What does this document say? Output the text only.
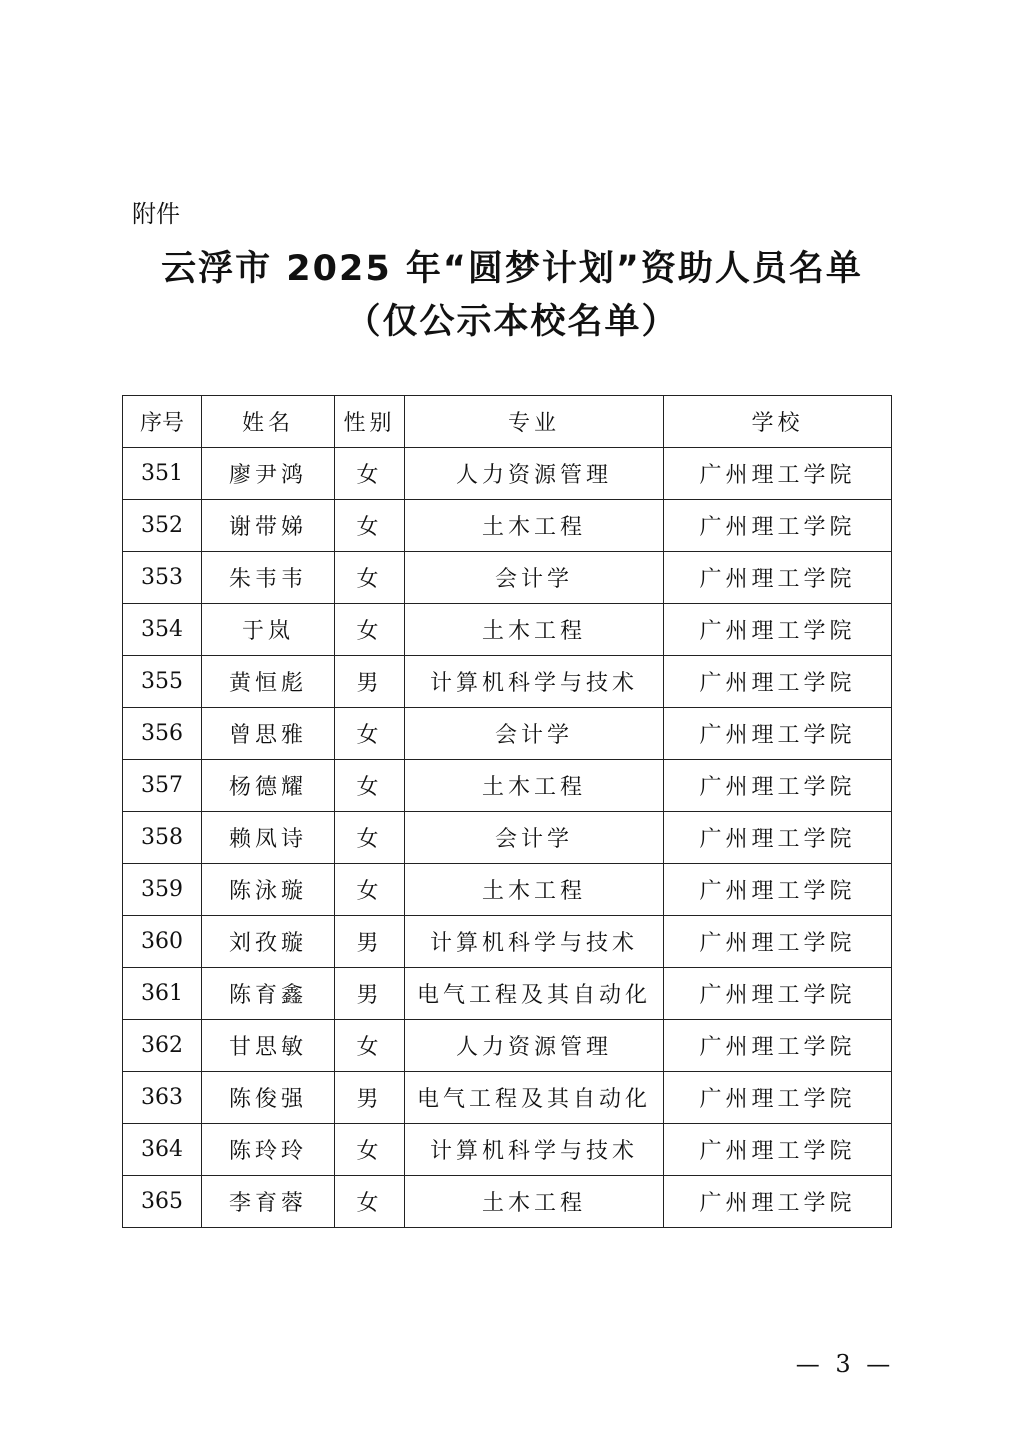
附件
云浮市 2025 年“圆梦计划”资助人员名单
（仅公示本校名单）
序号	姓名	性别	专业	学校
351	廖尹鸿	女	人力资源管理	广州理工学院
352	谢带娣	女	土木工程	广州理工学院
353	朱韦韦	女	会计学	广州理工学院
354	于岚	女	土木工程	广州理工学院
355	黄恒彪	男	计算机科学与技术	广州理工学院
356	曾思雅	女	会计学	广州理工学院
357	杨德耀	女	土木工程	广州理工学院
358	赖凤诗	女	会计学	广州理工学院
359	陈泳璇	女	土木工程	广州理工学院
360	刘孜璇	男	计算机科学与技术	广州理工学院
361	陈育鑫	男	电气工程及其自动化	广州理工学院
362	甘思敏	女	人力资源管理	广州理工学院
363	陈俊强	男	电气工程及其自动化	广州理工学院
364	陈玲玲	女	计算机科学与技术	广州理工学院
365	李育蓉	女	土木工程	广州理工学院
— 3 —
